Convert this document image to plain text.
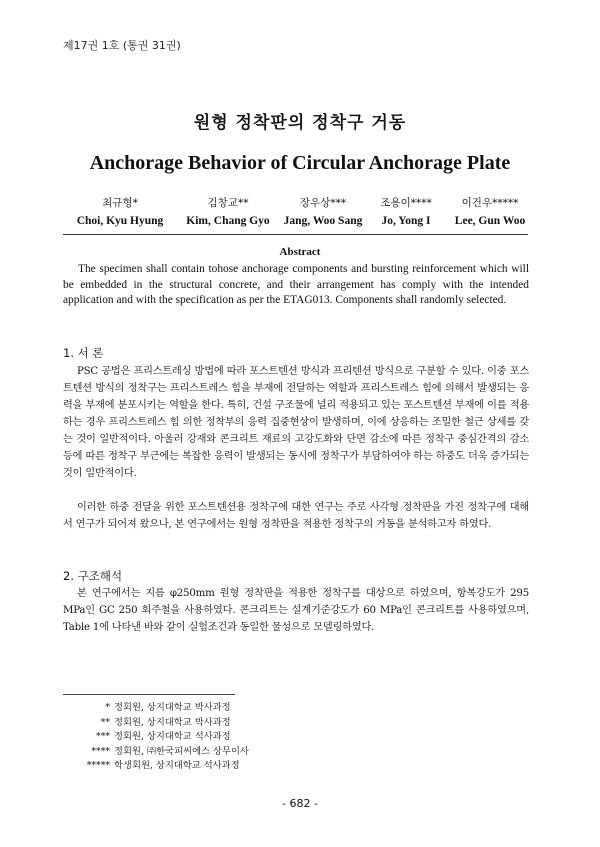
제17권 1호 (통권 31권)
원형 정착판의 정착구 거동
Anchorage Behavior of Circular Anchorage Plate
최규형*
Choi, Kyu Hyung
김창교**
Kim, Chang Gyo
장우상***
Jang, Woo Sang
조용이****
Jo, Yong I
이건우*****
Lee, Gun Woo
Abstract
The specimen shall contain tohose anchorage components and bursting reinforcement which will be embedded in the structural concrete, and their arrangement has comply with the intended application and with the specification as per the ETAG013. Components shall randomly selected.
1. 서 론
PSC 공법은 프리스트레싱 방법에 따라 포스트텐션 방식과 프리텐션 방식으로 구분할 수 있다. 이중 포스트텐션 방식의 정착구는 프리스트레스 힘을 부재에 전달하는 역할과 프리스트레스 힘에 의해서 발생되는 응력을 부재에 분포시키는 역할을 한다. 특히, 건설 구조물에 널리 적용되고 있는 포스트텐션 부재에 이를 적용하는 경우 프리스트레스 힘 의한 정착부의 응력 집중현상이 발생하며, 이에 상응하는 조밀한 철근 상세를 갖는 것이 일반적이다. 아울러 강재와 콘크리트 재료의 고강도화와 단면 감소에 따른 정착구 중심간격의 감소 등에 따른 정착구 부근에는 복잡한 응력이 발생되는 동시에 정착구가 부담하여야 하는 하중도 더욱 증가되는 것이 일반적이다.
이러한 하중 전달을 위한 포스트텐션용 정착구에 대한 연구는 주로 사각형 정착판을 가진 정착구에 대해서 연구가 되어져 왔으나, 본 연구에서는 원형 정착판을 적용한 정착구의 거동을 분석하고자 하였다.
2. 구조해석
본 연구에서는 지름 φ250mm 원형 정착판을 적용한 정착구를 대상으로 하였으며, 항복강도가 295 MPa인 GC 250 회주철을 사용하였다. 콘크리트는 설계기준강도가 60 MPa인 콘크리트를 사용하였으며, Table 1에 나타낸 바와 같이 실험조건과 동일한 물성으로 모델링하였다.
* 정회원, 상지대학교 박사과정
** 정회원, 상지대학교 박사과정
*** 정회원, 상지대학교 석사과정
**** 정회원, ㈜한국피씨에스 상무이사
***** 학생회원, 상지대학교 석사과정
- 682 -
